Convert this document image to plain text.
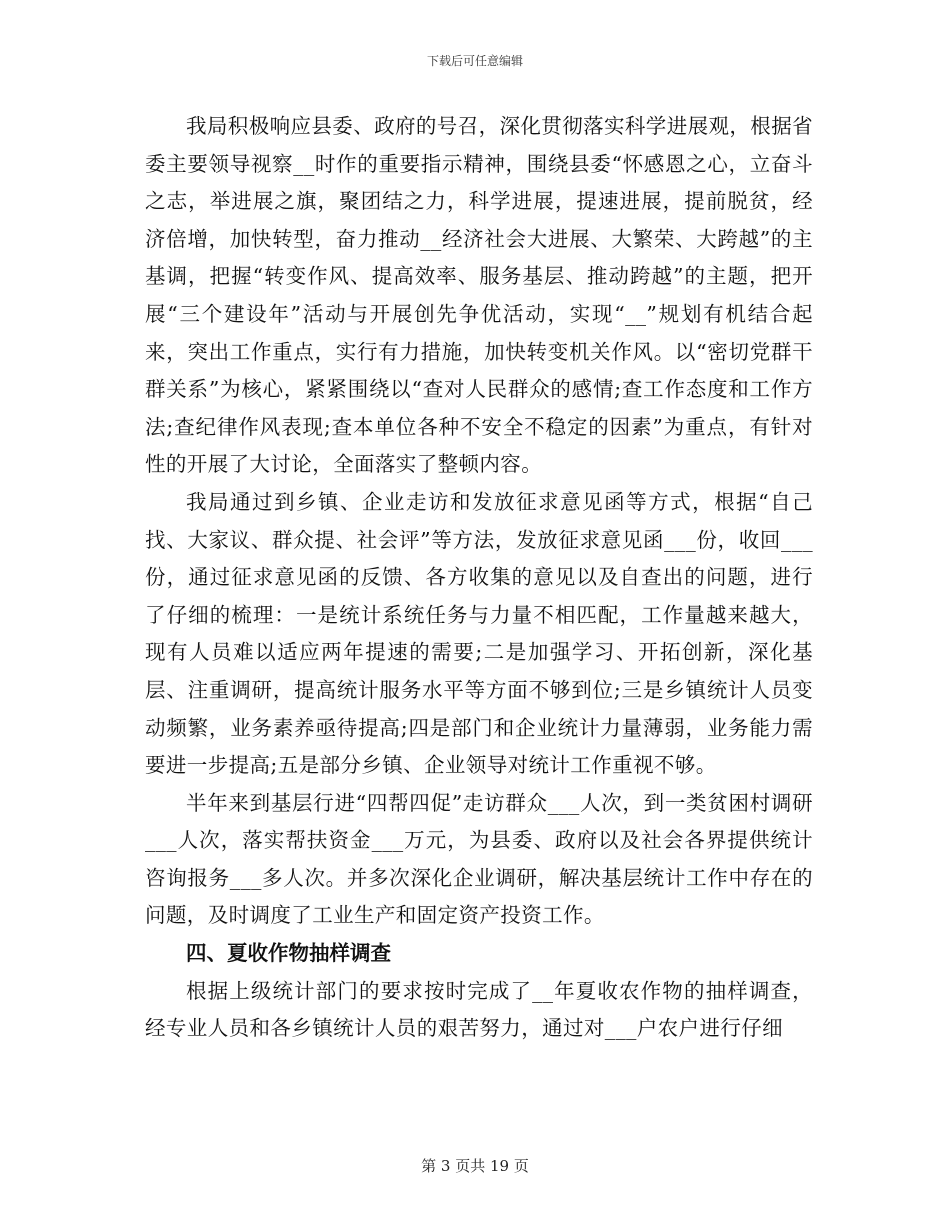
下载后可任意编辑

我局积极响应县委、政府的号召，深化贯彻落实科学进展观，根据省委主要领导视察__时作的重要指示精神，围绕县委“怀感恩之心，立奋斗之志，举进展之旗，聚团结之力，科学进展，提速进展，提前脱贫，经济倍增，加快转型，奋力推动__经济社会大进展、大繁荣、大跨越”的主基调，把握“转变作风、提高效率、服务基层、推动跨越”的主题，把开展“三个建设年”活动与开展创先争优活动，实现“__”规划有机结合起来，突出工作重点，实行有力措施，加快转变机关作风。以“密切党群干群关系”为核心，紧紧围绕以“查对人民群众的感情;查工作态度和工作方法;查纪律作风表现;查本单位各种不安全不稳定的因素”为重点，有针对性的开展了大讨论，全面落实了整顿内容。

我局通过到乡镇、企业走访和发放征求意见函等方式，根据“自己找、大家议、群众提、社会评”等方法，发放征求意见函___份，收回___份，通过征求意见函的反馈、各方收集的意见以及自查出的问题，进行了仔细的梳理：一是统计系统任务与力量不相匹配，工作量越来越大，现有人员难以适应两年提速的需要;二是加强学习、开拓创新，深化基层、注重调研，提高统计服务水平等方面不够到位;三是乡镇统计人员变动频繁，业务素养亟待提高;四是部门和企业统计力量薄弱，业务能力需要进一步提高;五是部分乡镇、企业领导对统计工作重视不够。

半年来到基层行进“四帮四促”走访群众___人次，到一类贫困村调研___人次，落实帮扶资金___万元，为县委、政府以及社会各界提供统计咨询报务___多人次。并多次深化企业调研，解决基层统计工作中存在的问题，及时调度了工业生产和固定资产投资工作。

四、夏收作物抽样调查

根据上级统计部门的要求按时完成了__年夏收农作物的抽样调查，经专业人员和各乡镇统计人员的艰苦努力，通过对___户农户进行仔细

第 3 页共 19 页
